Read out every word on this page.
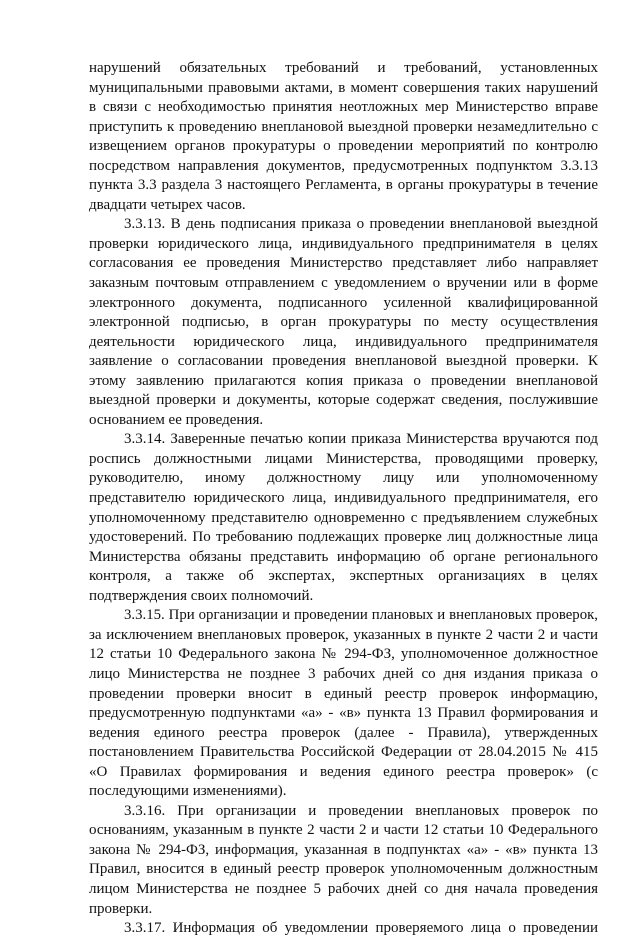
нарушений обязательных требований и требований, установленных
муниципальными правовыми актами, в момент совершения таких нарушений
в связи с необходимостью принятия неотложных мер Министерство вправе
приступить к проведению внеплановой выездной проверки незамедлительно с
извещением органов прокуратуры о проведении мероприятий по контролю
посредством направления документов, предусмотренных подпунктом 3.3.13
пункта 3.3 раздела 3 настоящего Регламента, в органы прокуратуры в течение
двадцати четырех часов.
3.3.13. В день подписания приказа о проведении внеплановой выездной
проверки юридического лица, индивидуального предпринимателя в целях
согласования ее проведения Министерство представляет либо направляет
заказным почтовым отправлением с уведомлением о вручении или в форме
электронного документа, подписанного усиленной квалифицированной
электронной подписью, в орган прокуратуры по месту осуществления
деятельности юридического лица, индивидуального предпринимателя
заявление о согласовании проведения внеплановой выездной проверки. К
этому заявлению прилагаются копия приказа о проведении внеплановой
выездной проверки и документы, которые содержат сведения, послужившие
основанием ее проведения.
3.3.14. Заверенные печатью копии приказа Министерства вручаются под
роспись должностными лицами Министерства, проводящими проверку,
руководителю, иному должностному лицу или уполномоченному
представителю юридического лица, индивидуального предпринимателя, его
уполномоченному представителю одновременно с предъявлением служебных
удостоверений. По требованию подлежащих проверке лиц должностные лица
Министерства обязаны представить информацию об органе регионального
контроля, а также об экспертах, экспертных организациях в целях
подтверждения своих полномочий.
3.3.15. При организации и проведении плановых и внеплановых проверок,
за исключением внеплановых проверок, указанных в пункте 2 части 2 и части
12 статьи 10 Федерального закона № 294-ФЗ, уполномоченное должностное
лицо Министерства не позднее 3 рабочих дней со дня издания приказа о
проведении проверки вносит в единый реестр проверок информацию,
предусмотренную подпунктами «а» - «в» пункта 13 Правил формирования и
ведения единого реестра проверок (далее - Правила), утвержденных
постановлением Правительства Российской Федерации от 28.04.2015 № 415
«О Правилах формирования и ведения единого реестра проверок» (с
последующими изменениями).
3.3.16. При организации и проведении внеплановых проверок по
основаниям, указанным в пункте 2 части 2 и части 12 статьи 10 Федерального
закона № 294-ФЗ, информация, указанная в подпунктах «а» - «в» пункта 13
Правил, вносится в единый реестр проверок уполномоченным должностным
лицом Министерства не позднее 5 рабочих дней со дня начала проведения
проверки.
3.3.17. Информация об уведомлении проверяемого лица о проведении
